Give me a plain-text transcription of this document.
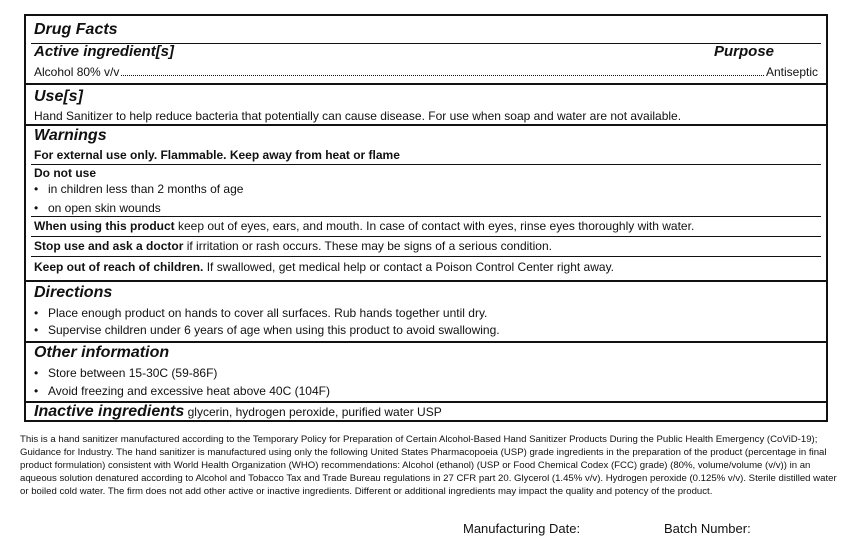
Drug Facts
Active ingredient[s]	Purpose
Alcohol 80% v/v	Antiseptic
Use[s]
Hand Sanitizer to help reduce bacteria that potentially can cause disease. For use when soap and water are not available.
Warnings
For external use only. Flammable. Keep away from heat or flame
Do not use
• in children less than 2 months of age
• on open skin wounds
When using this product keep out of eyes, ears, and mouth. In case of contact with eyes, rinse eyes thoroughly with water.
Stop use and ask a doctor if irritation or rash occurs. These may be signs of a serious condition.
Keep out of reach of children. If swallowed, get medical help or contact a Poison Control Center right away.
Directions
• Place enough product on hands to cover all surfaces. Rub hands together until dry.
• Supervise children under 6 years of age when using this product to avoid swallowing.
Other information
• Store between 15-30C (59-86F)
• Avoid freezing and excessive heat above 40C (104F)
Inactive ingredients glycerin, hydrogen peroxide, purified water USP
This is a hand sanitizer manufactured according to the Temporary Policy for Preparation of Certain Alcohol-Based Hand Sanitizer Products During the Public Health Emergency (CoViD-19); Guidance for Industry. The hand sanitizer is manufactured using only the following United States Pharmacopoeia (USP) grade ingredients in the preparation of the product (percentage in final product formulation) consistent with World Health Organization (WHO) recommendations: Alcohol (ethanol) (USP or Food Chemical Codex (FCC) grade) (80%, volume/volume (v/v)) in an aqueous solution denatured according to Alcohol and Tobacco Tax and Trade Bureau regulations in 27 CFR part 20. Glycerol (1.45% v/v). Hydrogen peroxide (0.125% v/v). Sterile distilled water or boiled cold water. The firm does not add other active or inactive ingredients. Different or additional ingredients may impact the quality and potency of the product.
Manufacturing Date:	Batch Number:
